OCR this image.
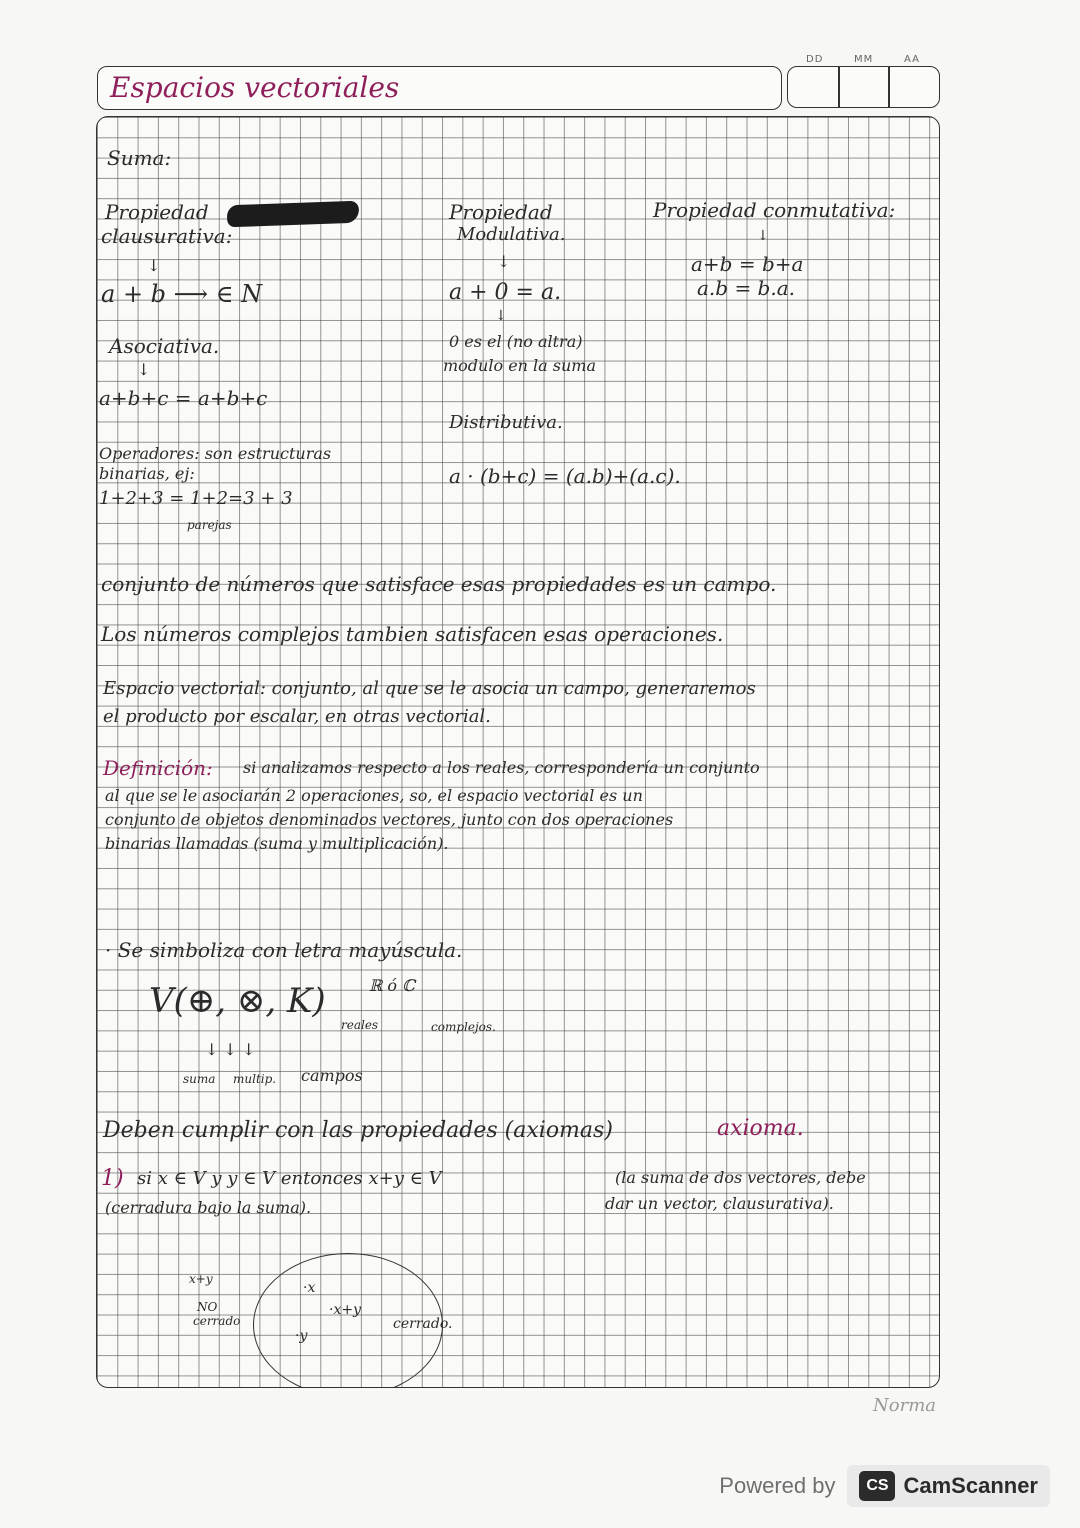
DD	MM	AA
Espacios vectoriales
Suma:
Propiedad
clausurativa:
↓
a + b ⟶ ∈ N
Asociativa.
↓
a+b+c = a+b+c
Operadores: son estructuras
binarias, ej:
1+2+3 = 1+2=3 + 3
parejas
Propiedad
Modulativa.
↓
a + 0 = a.
↓
0 es el (no altra)
modulo en la suma
Distributiva.
a · (b+c) = (a.b)+(a.c).
Propiedad conmutativa:
↓
a+b = b+a
a.b = b.a.
conjunto de números que satisface esas propiedades es un campo.
Los números complejos tambien satisfacen esas operaciones.
Espacio vectorial: conjunto, al que se le asocia un campo, generaremos
el producto por escalar, en otras vectorial.
Definición: si analizamos respecto a los reales, correspondería un conjunto
al que se le asociarán 2 operaciones, so, el espacio vectorial es un
conjunto de objetos denominados vectores, junto con dos operaciones
binarias llamadas (suma y multiplicación).
· Se simboliza con letra mayúscula.
V(⊕, ⊗, K)	ℝ ó ℂ
reales	complejos.
↓ ↓ ↓
suma multip. campos
Deben cumplir con las propiedades (axiomas)	axioma.
1) si x ∈ V y y ∈ V entonces x+y ∈ V	(la suma de dos vectores, debe
(cerradura bajo la suma).	dar un vector, clausurativa).
x+y
NO
cerrado
·x
·x+y
cerrado.
·y
Norma
Powered by	CS CamScanner
